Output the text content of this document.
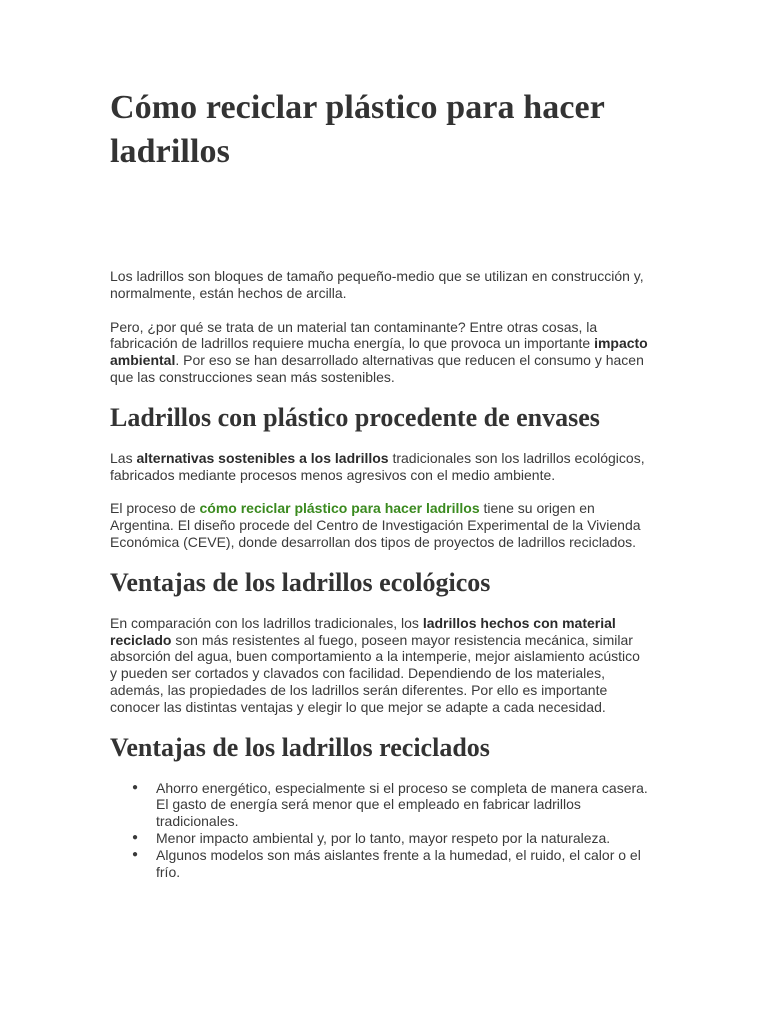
Cómo reciclar plástico para hacer ladrillos

Los ladrillos son bloques de tamaño pequeño-medio que se utilizan en construcción y, normalmente, están hechos de arcilla.

Pero, ¿por qué se trata de un material tan contaminante? Entre otras cosas, la fabricación de ladrillos requiere mucha energía, lo que provoca un importante impacto ambiental. Por eso se han desarrollado alternativas que reducen el consumo y hacen que las construcciones sean más sostenibles.

Ladrillos con plástico procedente de envases

Las alternativas sostenibles a los ladrillos tradicionales son los ladrillos ecológicos, fabricados mediante procesos menos agresivos con el medio ambiente.

El proceso de cómo reciclar plástico para hacer ladrillos tiene su origen en Argentina. El diseño procede del Centro de Investigación Experimental de la Vivienda Económica (CEVE), donde desarrollan dos tipos de proyectos de ladrillos reciclados.

Ventajas de los ladrillos ecológicos

En comparación con los ladrillos tradicionales, los ladrillos hechos con material reciclado son más resistentes al fuego, poseen mayor resistencia mecánica, similar absorción del agua, buen comportamiento a la intemperie, mejor aislamiento acústico y pueden ser cortados y clavados con facilidad. Dependiendo de los materiales, además, las propiedades de los ladrillos serán diferentes. Por ello es importante conocer las distintas ventajas y elegir lo que mejor se adapte a cada necesidad.

Ventajas de los ladrillos reciclados
● Ahorro energético, especialmente si el proceso se completa de manera casera. El gasto de energía será menor que el empleado en fabricar ladrillos tradicionales.
● Menor impacto ambiental y, por lo tanto, mayor respeto por la naturaleza.
● Algunos modelos son más aislantes frente a la humedad, el ruido, el calor o el frío.
